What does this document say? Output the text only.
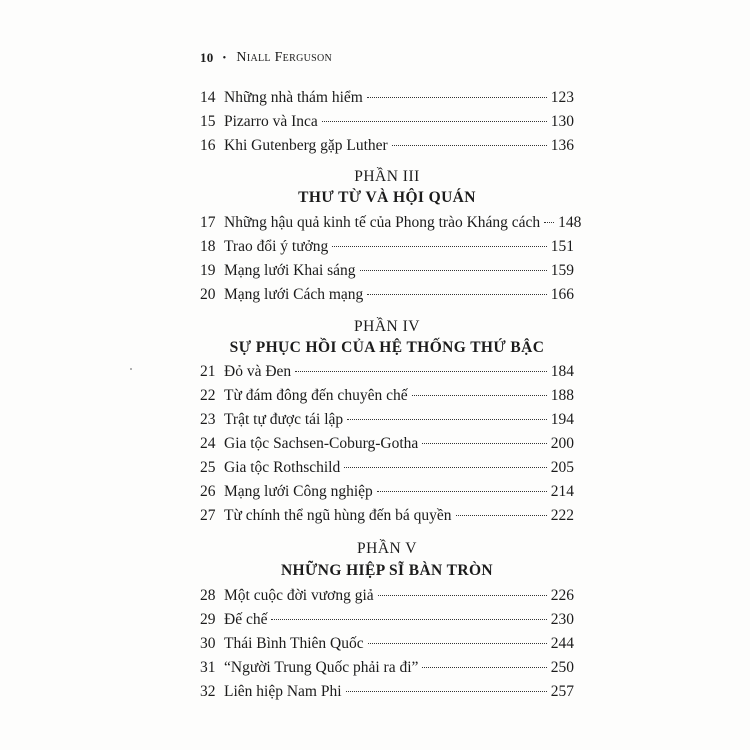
10 • Niall Ferguson
14 Những nhà thám hiểm	123
15 Pizarro và Inca	130
16 Khi Gutenberg gặp Luther	136
PHẦN III
THƯ TỪ VÀ HỘI QUÁN
17 Những hậu quả kinh tế của Phong trào Kháng cách 148
18 Trao đổi ý tưởng	151
19 Mạng lưới Khai sáng	159
20 Mạng lưới Cách mạng	166
PHẦN IV
SỰ PHỤC HỒI CỦA HỆ THỐNG THỨ BẬC
21 Đỏ và Đen	184
22 Từ đám đông đến chuyên chế	188
23 Trật tự được tái lập	194
24 Gia tộc Sachsen-Coburg-Gotha	200
25 Gia tộc Rothschild	205
26 Mạng lưới Công nghiệp	214
27 Từ chính thể ngũ hùng đến bá quyền	222
PHẦN V
NHỮNG HIỆP SĨ BÀN TRÒN
28 Một cuộc đời vương giả	226
29 Đế chế	230
30 Thái Bình Thiên Quốc	244
31 “Người Trung Quốc phải ra đi”	250
32 Liên hiệp Nam Phi	257
